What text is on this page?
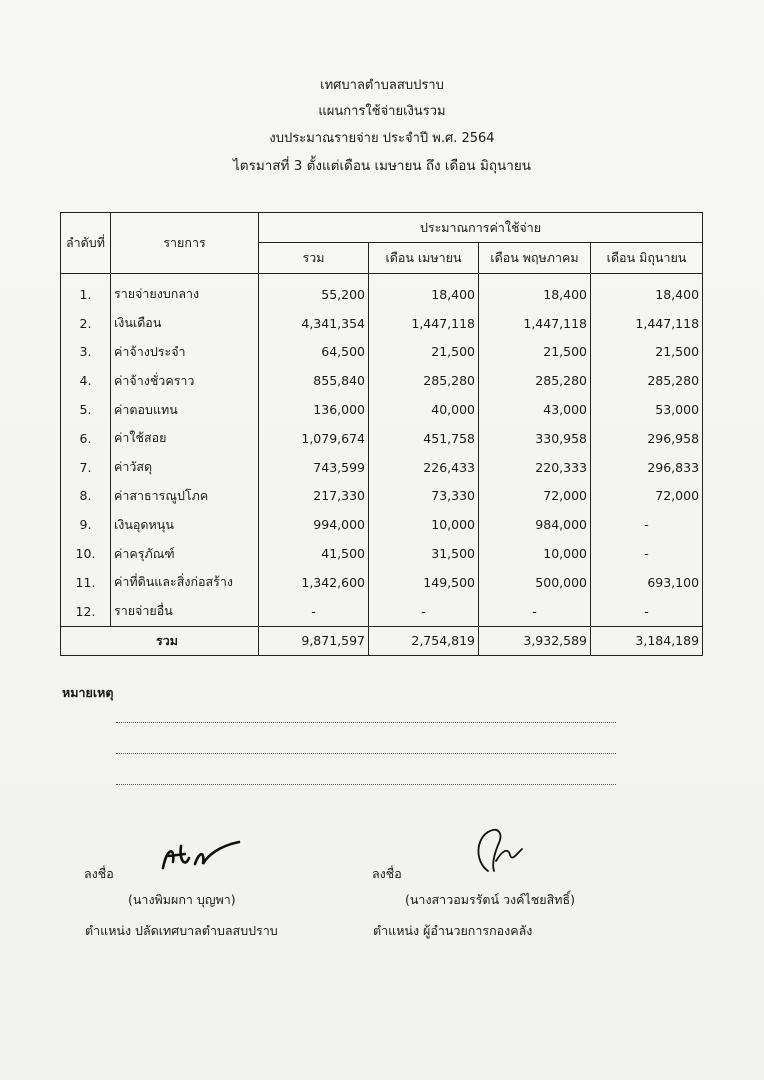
เทศบาลตำบลสบปราบ
แผนการใช้จ่ายเงินรวม
งบประมาณรายจ่าย ประจำปี พ.ศ. 2564
ไตรมาสที่ 3 ตั้งแต่เดือน เมษายน ถึง เดือน มิถุนายน
ลำดับที่	รายการ	ประมาณการค่าใช้จ่าย			
		รวม	เดือน เมษายน	เดือน พฤษภาคม	เดือน มิถุนายน
1.	รายจ่ายงบกลาง	55,200	18,400	18,400	18,400
2.	เงินเดือน	4,341,354	1,447,118	1,447,118	1,447,118
3.	ค่าจ้างประจำ	64,500	21,500	21,500	21,500
4.	ค่าจ้างชั่วคราว	855,840	285,280	285,280	285,280
5.	ค่าตอบแทน	136,000	40,000	43,000	53,000
6.	ค่าใช้สอย	1,079,674	451,758	330,958	296,958
7.	ค่าวัสดุ	743,599	226,433	220,333	296,833
8.	ค่าสาธารณูปโภค	217,330	73,330	72,000	72,000
9.	เงินอุดหนุน	994,000	10,000	984,000	-
10.	ค่าครุภัณฑ์	41,500	31,500	10,000	-
11.	ค่าที่ดินและสิ่งก่อสร้าง	1,342,600	149,500	500,000	693,100
12.	รายจ่ายอื่น	-	-	-	-
รวม		9,871,597	2,754,819	3,932,589	3,184,189
หมายเหตุ
ลงชื่อ
(นางพิมผกา บุญพา)
ตำแหน่ง ปลัดเทศบาลตำบลสบปราบ
ลงชื่อ
(นางสาวอมรรัตน์ วงค์ไชยสิทธิ์)
ตำแหน่ง ผู้อำนวยการกองคลัง
